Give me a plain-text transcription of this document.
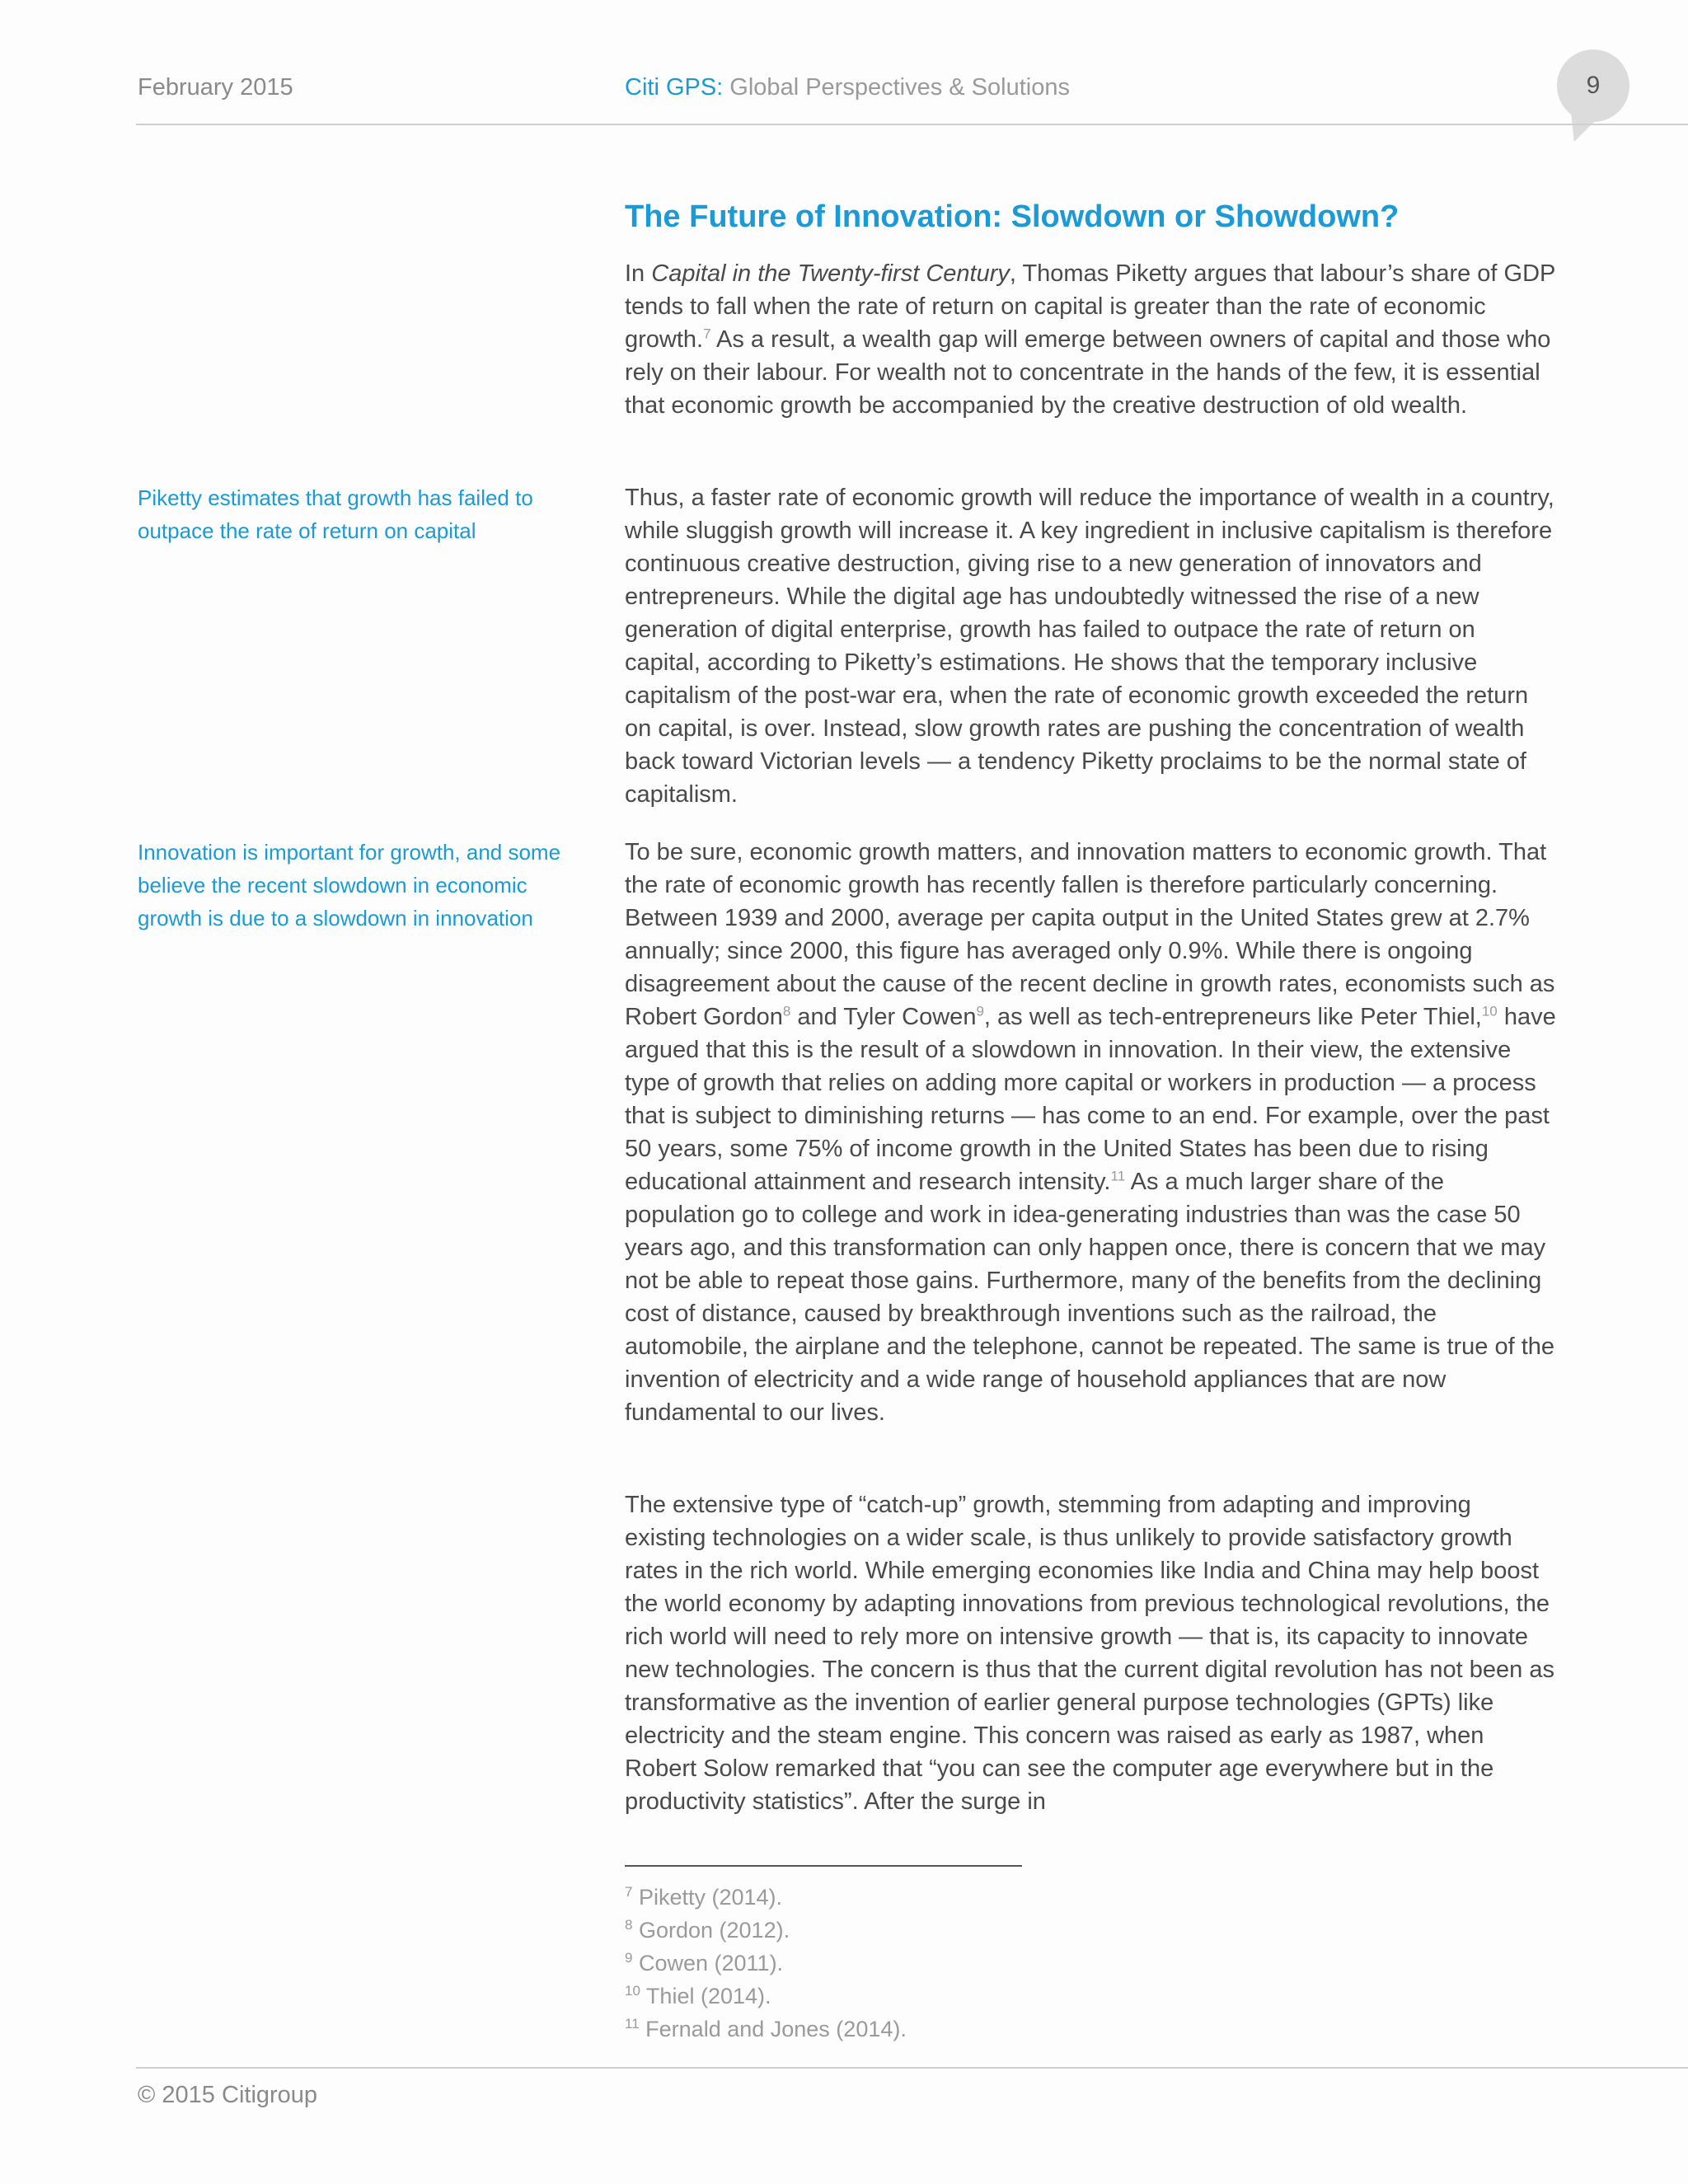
February 2015	Citi GPS: Global Perspectives & Solutions	9
The Future of Innovation: Slowdown or Showdown?

Piketty estimates that growth has failed to outpace the rate of return on capital

Innovation is important for growth, and some believe the recent slowdown in economic growth is due to a slowdown in innovation

In Capital in the Twenty-first Century, Thomas Piketty argues that labour’s share of GDP tends to fall when the rate of return on capital is greater than the rate of economic growth.$^7$ As a result, a wealth gap will emerge between owners of capital and those who rely on their labour. For wealth not to concentrate in the hands of the few, it is essential that economic growth be accompanied by the creative destruction of old wealth.

Thus, a faster rate of economic growth will reduce the importance of wealth in a country, while sluggish growth will increase it. A key ingredient in inclusive capitalism is therefore continuous creative destruction, giving rise to a new generation of innovators and entrepreneurs. While the digital age has undoubtedly witnessed the rise of a new generation of digital enterprise, growth has failed to outpace the rate of return on capital, according to Piketty’s estimations. He shows that the temporary inclusive capitalism of the post-war era, when the rate of economic growth exceeded the return on capital, is over. Instead, slow growth rates are pushing the concentration of wealth back toward Victorian levels — a tendency Piketty proclaims to be the normal state of capitalism.

To be sure, economic growth matters, and innovation matters to economic growth. That the rate of economic growth has recently fallen is therefore particularly concerning. Between 1939 and 2000, average per capita output in the United States grew at 2.7% annually; since 2000, this figure has averaged only 0.9%. While there is ongoing disagreement about the cause of the recent decline in growth rates, economists such as Robert Gordon$^8$ and Tyler Cowen$^9$, as well as tech-entrepreneurs like Peter Thiel,$^{10}$ have argued that this is the result of a slowdown in innovation. In their view, the extensive type of growth that relies on adding more capital or workers in production — a process that is subject to diminishing returns — has come to an end. For example, over the past 50 years, some 75% of income growth in the United States has been due to rising educational attainment and research intensity.$^{11}$ As a much larger share of the population go to college and work in idea-generating industries than was the case 50 years ago, and this transformation can only happen once, there is concern that we may not be able to repeat those gains. Furthermore, many of the benefits from the declining cost of distance, caused by breakthrough inventions such as the railroad, the automobile, the airplane and the telephone, cannot be repeated. The same is true of the invention of electricity and a wide range of household appliances that are now fundamental to our lives.

The extensive type of “catch-up” growth, stemming from adapting and improving existing technologies on a wider scale, is thus unlikely to provide satisfactory growth rates in the rich world. While emerging economies like India and China may help boost the world economy by adapting innovations from previous technological revolutions, the rich world will need to rely more on intensive growth — that is, its capacity to innovate new technologies. The concern is thus that the current digital revolution has not been as transformative as the invention of earlier general purpose technologies (GPTs) like electricity and the steam engine. This concern was raised as early as 1987, when Robert Solow remarked that “you can see the computer age everywhere but in the productivity statistics”. After the surge in

$^7$ Piketty (2014).
$^8$ Gordon (2012).
$^9$ Cowen (2011).
$^{10}$ Thiel (2014).
$^{11}$ Fernald and Jones (2014).
© 2015 Citigroup
